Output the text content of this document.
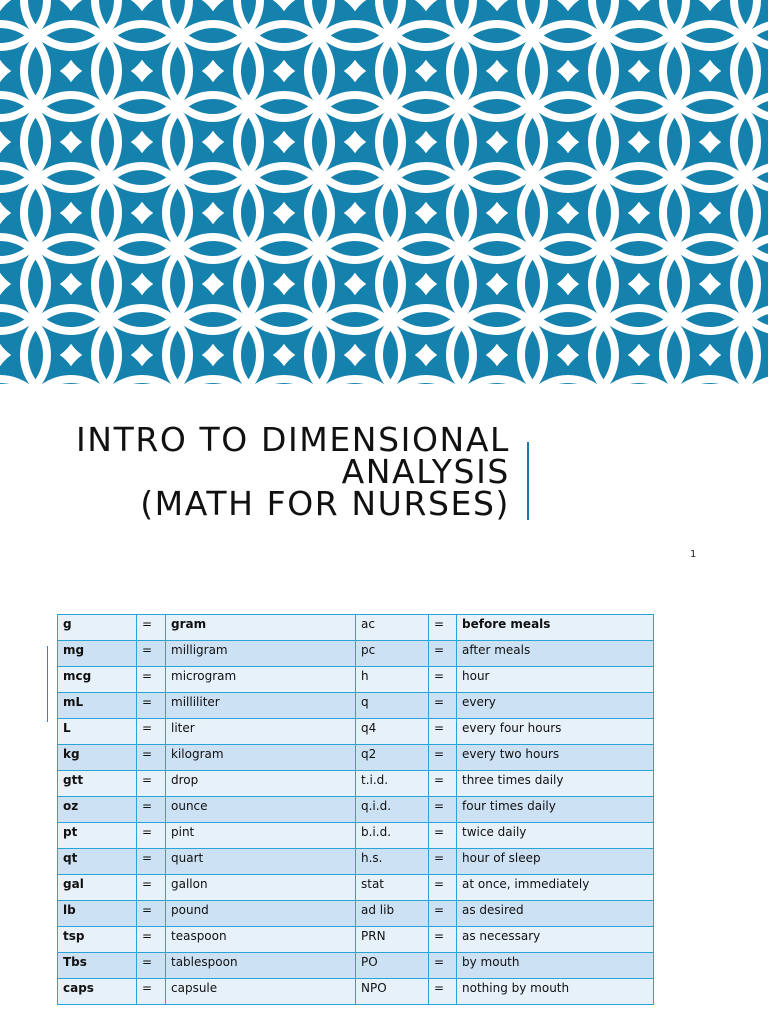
INTRO TO DIMENSIONAL
ANALYSIS
(MATH FOR NURSES)
1
g	=	gram	ac	=	before meals
mg	=	milligram	pc	=	after meals
mcg	=	microgram	h	=	hour
mL	=	milliliter	q	=	every
L	=	liter	q4	=	every four hours
kg	=	kilogram	q2	=	every two hours
gtt	=	drop	t.i.d.	=	three times daily
oz	=	ounce	q.i.d.	=	four times daily
pt	=	pint	b.i.d.	=	twice daily
qt	=	quart	h.s.	=	hour of sleep
gal	=	gallon	stat	=	at once, immediately
lb	=	pound	ad lib	=	as desired
tsp	=	teaspoon	PRN	=	as necessary
Tbs	=	tablespoon	PO	=	by mouth
caps	=	capsule	NPO	=	nothing by mouth
